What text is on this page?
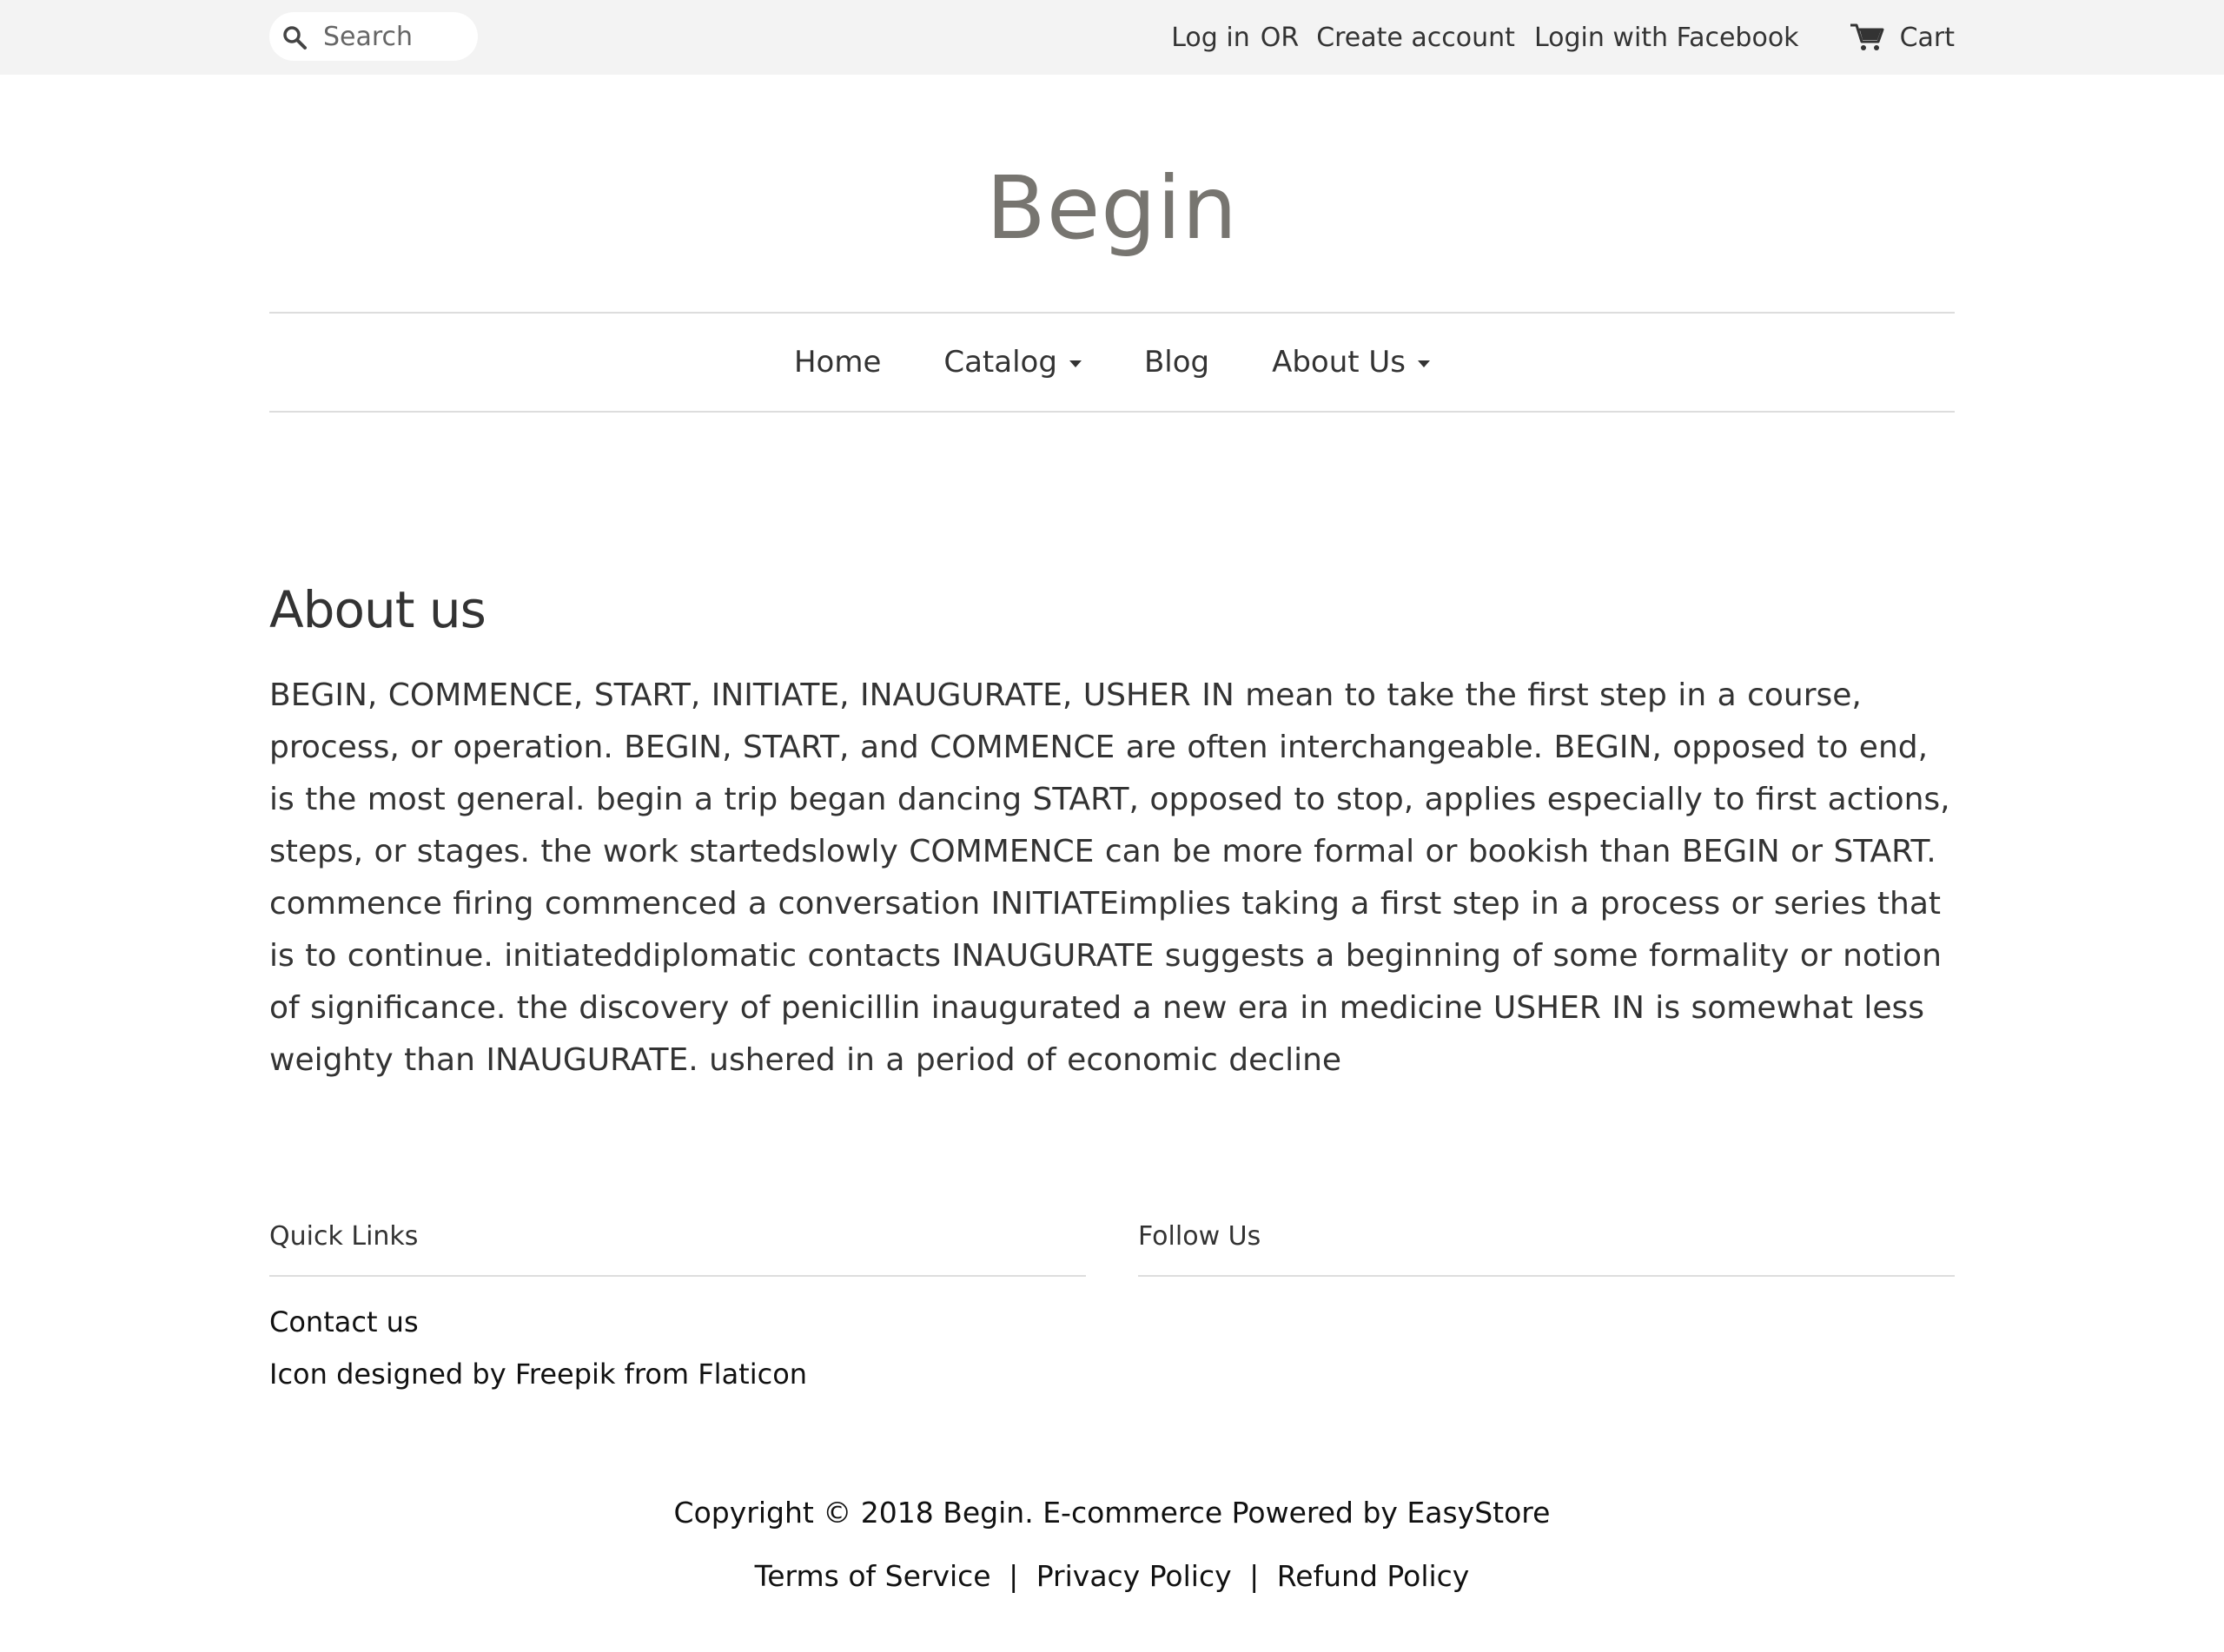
Search
Log in OR Create account Login with Facebook	Cart
Begin
Home Catalog	Blog About Us
About us

BEGIN, COMMENCE, START, INITIATE, INAUGURATE, USHER IN mean to take the first step in a course, process, or operation. BEGIN, START, and COMMENCE are often interchangeable. BEGIN, opposed to end, is the most general. begin a trip began dancing START, opposed to stop, applies especially to first actions, steps, or stages. the work startedslowly COMMENCE can be more formal or bookish than BEGIN or START. commence firing commenced a conversation INITIATEimplies taking a first step in a process or series that is to continue. initiateddiplomatic contacts INAUGURATE suggests a beginning of some formality or notion of significance. the discovery of penicillin inaugurated a new era in medicine USHER IN is somewhat less weighty than INAUGURATE. ushered in a period of economic decline

Quick Links
Contact us
Icon designed by Freepik from Flaticon
Follow Us
Copyright © 2018 Begin. E-commerce Powered by EasyStore
Terms of Service | Privacy Policy | Refund Policy
